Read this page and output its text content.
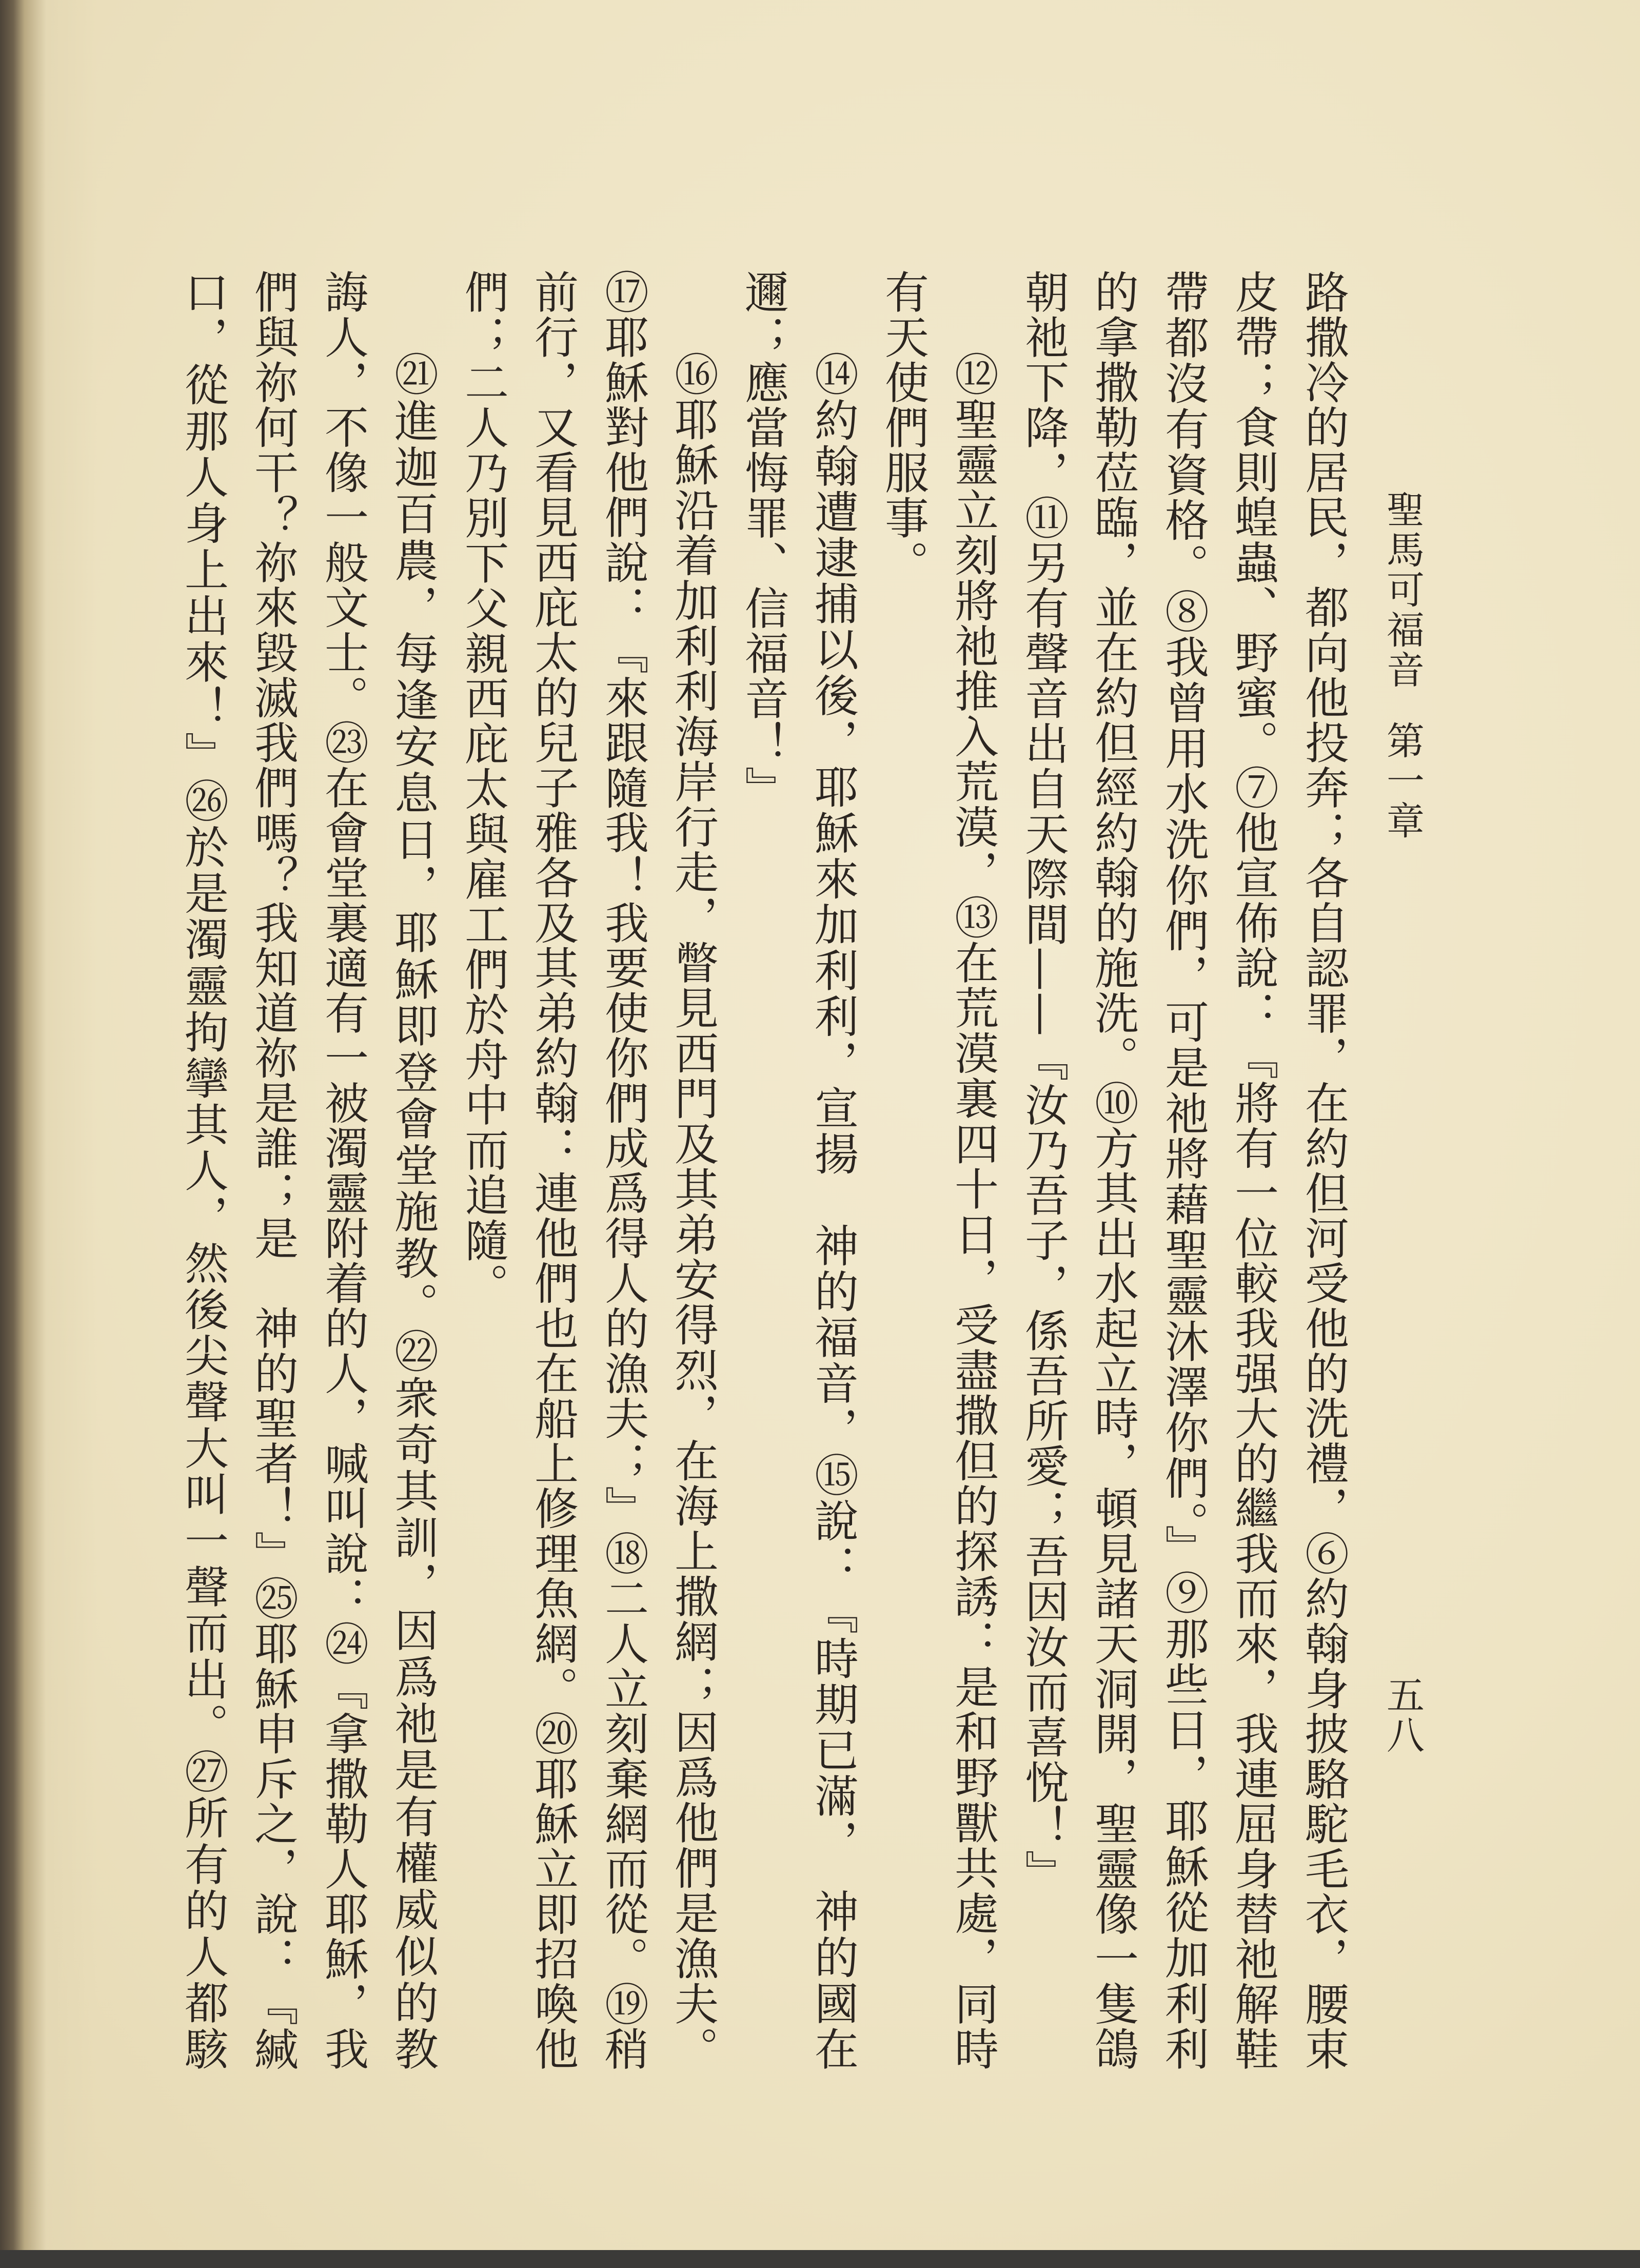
聖馬可福音
第一章
五八
路撒冷的居民，都向他投奔；各自認罪，在約但河受他的洗禮，⑥約翰身披駱駝毛衣，腰束
皮帶；食則蝗蟲、野蜜。⑦他宣佈說：『將有一位較我强大的繼我而來，我連屈身替祂解鞋
帶都沒有資格。⑧我曾用水洗你們，可是祂將藉聖靈沐澤你們。』⑨那些日，耶穌從加利利
的拿撒勒莅臨，並在約但經約翰的施洗。⑩方其出水起立時，頓見諸天洞開，聖靈像一隻鴿
朝祂下降，⑪另有聲音出自天際間——『汝乃吾子，係吾所愛；吾因汝而喜悅！』
⑫聖靈立刻將祂推入荒漠，⑬在荒漠裏四十日，受盡撒但的探誘：是和野獸共處，同時
有天使們服事。
⑭約翰遭逮捕以後，耶穌來加利利，宣揚　神的福音，⑮說：『時期已滿，　神的國在
邇；應當悔罪、信福音！』
⑯耶穌沿着加利利海岸行走，瞥見西門及其弟安得烈，在海上撒網；因爲他們是漁夫。
⑰耶穌對他們說：『來跟隨我！我要使你們成爲得人的漁夫；』⑱二人立刻棄網而從。⑲稍
前行，又看見西庇太的兒子雅各及其弟約翰：連他們也在船上修理魚網。⑳耶穌立即招喚他
們；二人乃別下父親西庇太與雇工們於舟中而追隨。
㉑進迦百農，每逢安息日，耶穌即登會堂施教。㉒衆奇其訓，因爲祂是有權威似的教
誨人，不像一般文士。㉓在會堂裏適有一被濁靈附着的人，喊叫說：㉔『拿撒勒人耶穌，我
們與祢何干？祢來毀滅我們嗎？我知道祢是誰；是　神的聖者！』㉕耶穌申斥之，說：『緘
口，從那人身上出來！』㉖於是濁靈拘攣其人，然後尖聲大叫一聲而出。㉗所有的人都駭
